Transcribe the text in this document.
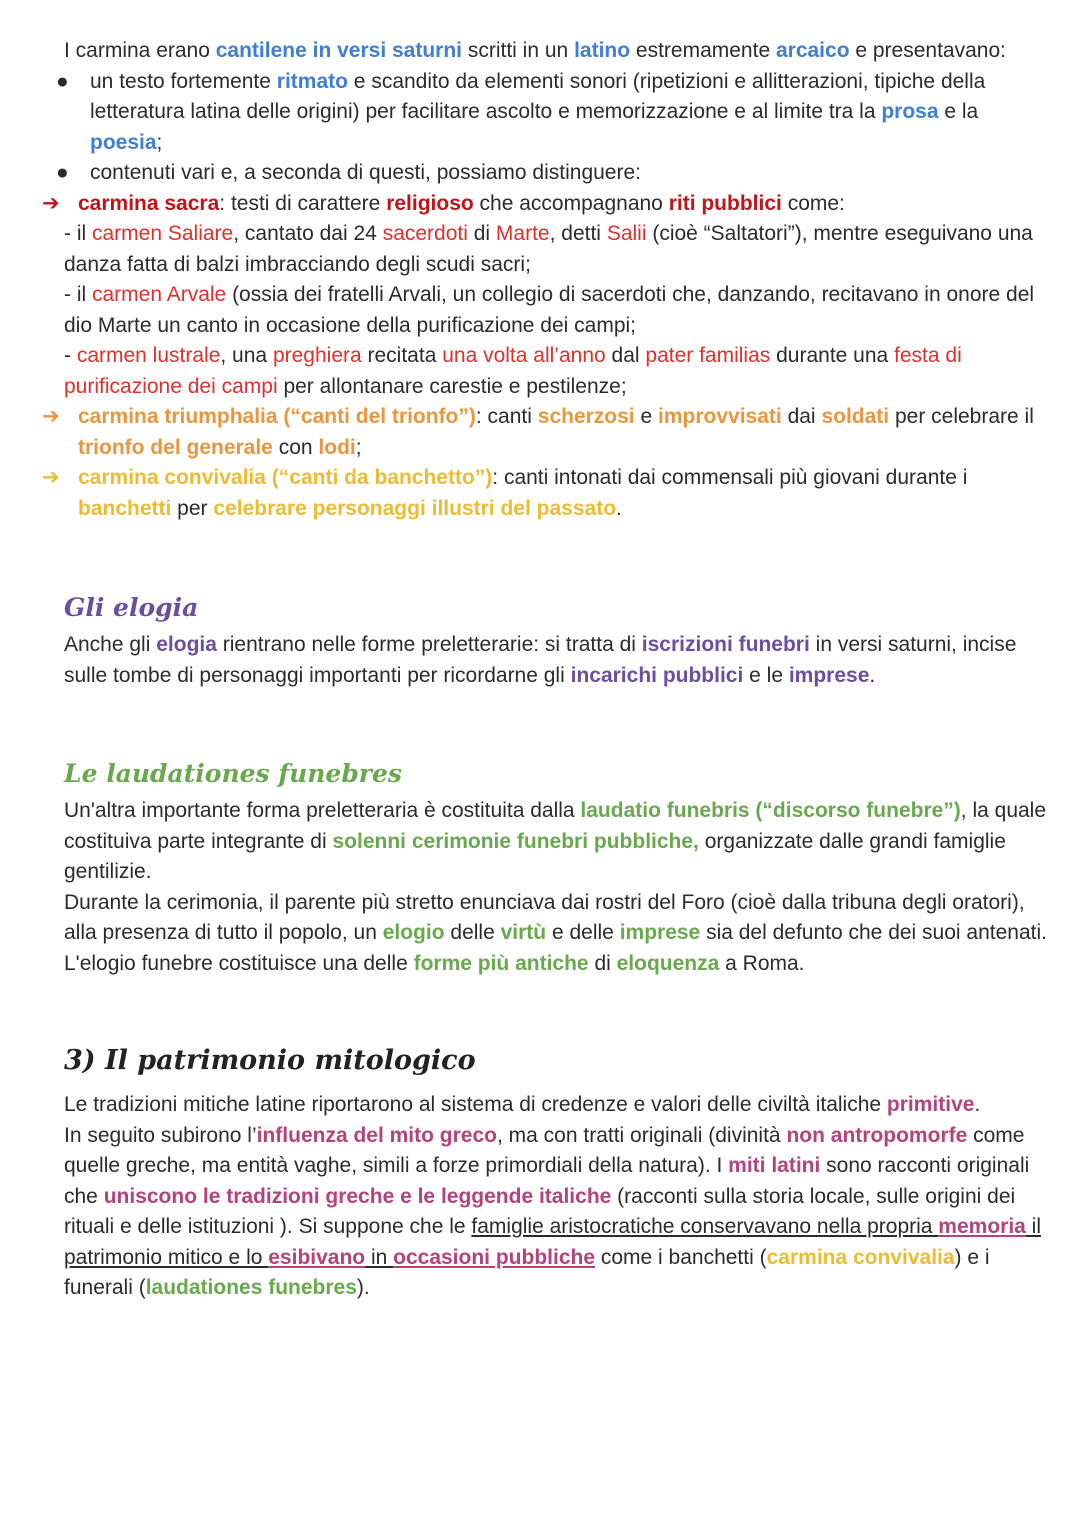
I carmina erano cantilene in versi saturni scritti in un latino estremamente arcaico e presentavano:

● un testo fortemente ritmato e scandito da elementi sonori (ripetizioni e allitterazioni, tipiche della letteratura latina delle origini) per facilitare ascolto e memorizzazione e al limite tra la prosa e la poesia;

● contenuti vari e, a seconda di questi, possiamo distinguere:

➔ carmina sacra: testi di carattere religioso che accompagnano riti pubblici come:

- il carmen Saliare, cantato dai 24 sacerdoti di Marte, detti Salii (cioè “Saltatori”), mentre eseguivano una danza fatta di balzi imbracciando degli scudi sacri;

- il carmen Arvale (ossia dei fratelli Arvali, un collegio di sacerdoti che, danzando, recitavano in onore del dio Marte un canto in occasione della purificazione dei campi;

- carmen lustrale, una preghiera recitata una volta all’anno dal pater familias durante una festa di purificazione dei campi per allontanare carestie e pestilenze;

➔ carmina triumphalia (“canti del trionfo”): canti scherzosi e improvvisati dai soldati per celebrare il trionfo del generale con lodi;

➔ carmina convivalia (“canti da banchetto”): canti intonati dai commensali più giovani durante i banchetti per celebrare personaggi illustri del passato.

Gli elogia

Anche gli elogia rientrano nelle forme preletterarie: si tratta di iscrizioni funebri in versi saturni, incise sulle tombe di personaggi importanti per ricordarne gli incarichi pubblici e le imprese.

Le laudationes funebres

Un'altra importante forma preletteraria è costituita dalla laudatio funebris (“discorso funebre”), la quale costituiva parte integrante di solenni cerimonie funebri pubbliche, organizzate dalle grandi famiglie gentilizie.

Durante la cerimonia, il parente più stretto enunciava dai rostri del Foro (cioè dalla tribuna degli oratori), alla presenza di tutto il popolo, un elogio delle virtù e delle imprese sia del defunto che dei suoi antenati. L'elogio funebre costituisce una delle forme più antiche di eloquenza a Roma.

3) Il patrimonio mitologico

Le tradizioni mitiche latine riportarono al sistema di credenze e valori delle civiltà italiche primitive.

In seguito subirono l’influenza del mito greco, ma con tratti originali (divinità non antropomorfe come quelle greche, ma entità vaghe, simili a forze primordiali della natura). I miti latini sono racconti originali che uniscono le tradizioni greche e le leggende italiche (racconti sulla storia locale, sulle origini dei rituali e delle istituzioni ). Si suppone che le famiglie aristocratiche conservavano nella propria memoria il patrimonio mitico e lo esibivano in occasioni pubbliche come i banchetti (carmina convivalia) e i funerali (laudationes funebres).
